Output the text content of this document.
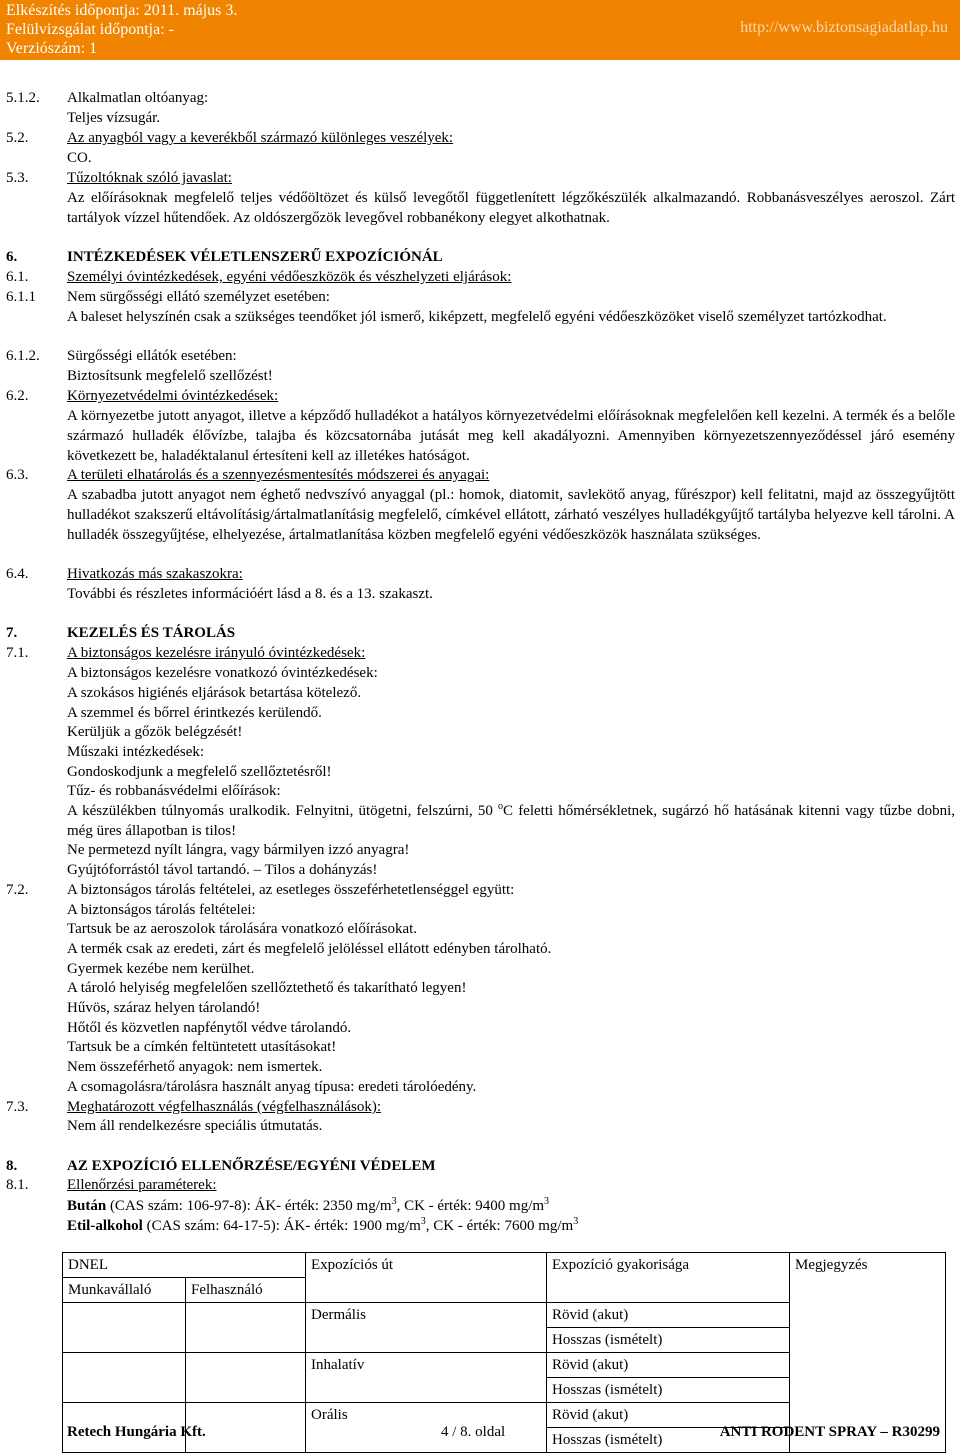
Elkészítés időpontja: 2011. május 3.
Felülvizsgálat időpontja: -
Verziószám: 1
http://www.biztonsagiadatlap.hu
5.1.2. Alkalmatlan oltóanyag:
Teljes vízsugár.
5.2.	Az anyagból vagy a keverékből származó különleges veszélyek:
CO.
5.3.	Tűzoltóknak szóló javaslat:
Az előírásoknak megfelelő teljes védőöltözet és külső levegőtől függetlenített légzőkészülék alkalmazandó. Robbanásveszélyes aeroszol. Zárt tartályok vízzel hűtendőek. Az oldószergőzök levegővel robbanékony elegyet alkothatnak.
6.	INTÉZKEDÉSEK VÉLETLENSZERŰ EXPOZÍCIÓNÁL
6.1.	Személyi óvintézkedések, egyéni védőeszközök és vészhelyzeti eljárások:
6.1.1 Nem sürgősségi ellátó személyzet esetében:
A baleset helyszínén csak a szükséges teendőket jól ismerő, kiképzett, megfelelő egyéni védőeszközöket viselő személyzet tartózkodhat.
6.1.2. Sürgősségi ellátók esetében:
Biztosítsunk megfelelő szellőzést!
6.2.	Környezetvédelmi óvintézkedések:
A környezetbe jutott anyagot, illetve a képződő hulladékot a hatályos környezetvédelmi előírásoknak megfelelően kell kezelni. A termék és a belőle származó hulladék élővízbe, talajba és közcsatornába jutását meg kell akadályozni. Amennyiben környezetszennyeződéssel járó esemény következett be, haladéktalanul értesíteni kell az illetékes hatóságot.
6.3.	A területi elhatárolás és a szennyezésmentesítés módszerei és anyagai:
A szabadba jutott anyagot nem éghető nedvszívó anyaggal (pl.: homok, diatomit, savlekötő anyag, fűrészpor) kell felitatni, majd az összegyűjtött hulladékot szakszerű eltávolításig/ártalmatlanításig megfelelő, címkével ellátott, zárható veszélyes hulladékgyűjtő tartályba helyezve kell tárolni. A hulladék összegyűjtése, elhelyezése, ártalmatlanítása közben megfelelő egyéni védőeszközök használata szükséges.
6.4.	Hivatkozás más szakaszokra:
További és részletes információért lásd a 8. és a 13. szakaszt.
7.	KEZELÉS ÉS TÁROLÁS
7.1.	A biztonságos kezelésre irányuló óvintézkedések:
A biztonságos kezelésre vonatkozó óvintézkedések:
A szokásos higiénés eljárások betartása kötelező.
A szemmel és bőrrel érintkezés kerülendő.
Kerüljük a gőzök belégzését!
Műszaki intézkedések:
Gondoskodjunk a megfelelő szellőztetésről!
Tűz- és robbanásvédelmi előírások:
A készülékben túlnyomás uralkodik. Felnyitni, ütögetni, felszúrni, 50 $^o$C feletti hőmérsékletnek, sugárzó hő hatásának kitenni vagy tűzbe dobni, még üres állapotban is tilos!
Ne permetezd nyílt lángra, vagy bármilyen izzó anyagra!
Gyújtóforrástól távol tartandó. – Tilos a dohányzás!
7.2.	A biztonságos tárolás feltételei, az esetleges összeférhetetlenséggel együtt:
A biztonságos tárolás feltételei:
Tartsuk be az aeroszolok tárolására vonatkozó előírásokat.
A termék csak az eredeti, zárt és megfelelő jelöléssel ellátott edényben tárolható.
Gyermek kezébe nem kerülhet.
A tároló helyiség megfelelően szellőztethető és takarítható legyen!
Hűvös, száraz helyen tárolandó!
Hőtől és közvetlen napfénytől védve tárolandó.
Tartsuk be a címkén feltüntetett utasításokat!
Nem összeférhető anyagok: nem ismertek.
A csomagolásra/tárolásra használt anyag típusa: eredeti tárolóedény.
7.3.	Meghatározott végfelhasználás (végfelhasználások):
Nem áll rendelkezésre speciális útmutatás.
8.	AZ EXPOZÍCIÓ ELLENŐRZÉSE/EGYÉNI VÉDELEM
8.1.	Ellenőrzési paraméterek:
Bután (CAS szám: 106-97-8): ÁK- érték: 2350 $mg/m^3$, CK - érték: 9400 $mg/m^3$
Etil-alkohol (CAS szám: 64-17-5): ÁK- érték: 1900 $mg/m^3$, CK - érték: 7600 $mg/m^3$
DNEL		Expozíciós út	Expozíció gyakorisága	Megjegyzés
Munkavállaló	Felhasználó			
		Dermális	Rövid (akut)	
			Hosszas (ismételt)	
		Inhalatív	Rövid (akut)	
			Hosszas (ismételt)	
		Orális	Rövid (akut)	
			Hosszas (ismételt)	
Retech Hungária Kft.	4 / 8. oldal	ANTI RODENT SPRAY – R30299
